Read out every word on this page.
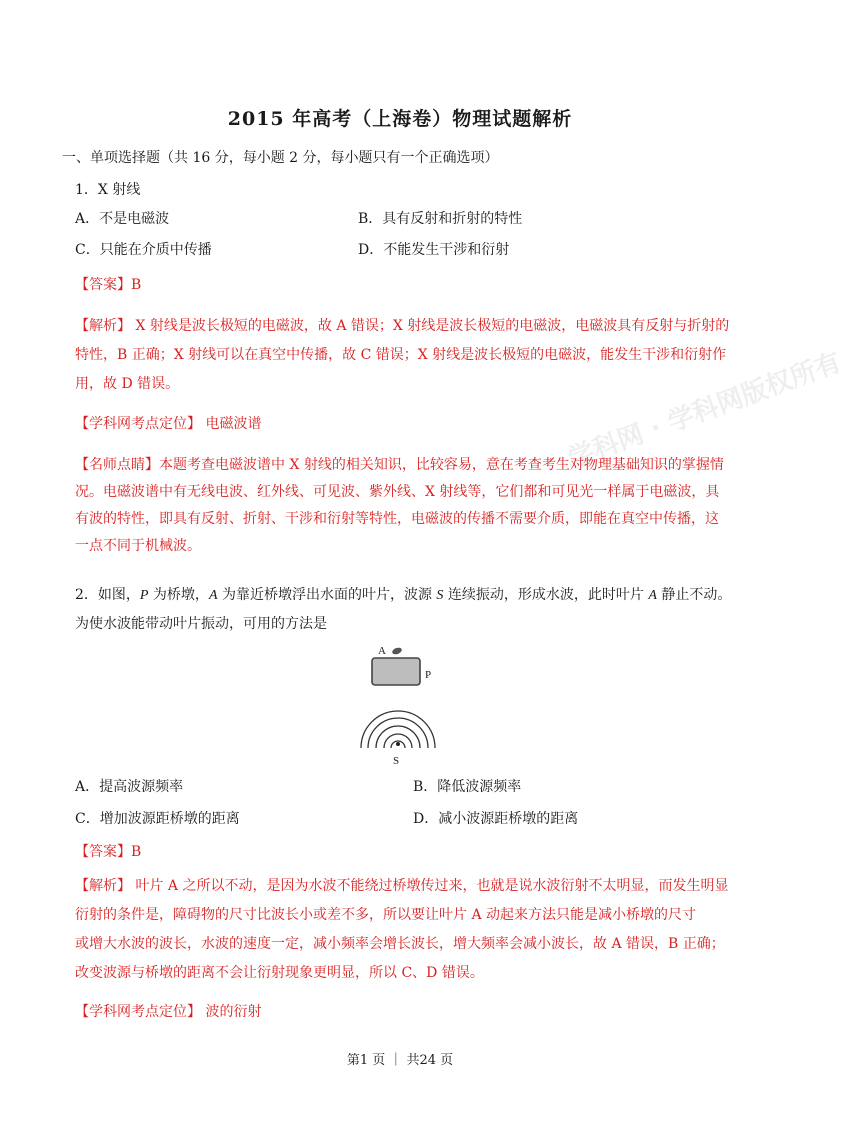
学科网 · 学科网版权所有
2015 年高考（上海卷）物理试题解析
一、单项选择题（共 16 分，每小题 2 分，每小题只有一个正确选项）
1．X 射线
A．不是电磁波	B．具有反射和折射的特性
C．只能在介质中传播	D．不能发生干涉和衍射
【答案】B
【解析】 X 射线是波长极短的电磁波，故 A 错误；X 射线是波长极短的电磁波，电磁波具有反射与折射的
特性，B 正确；X 射线可以在真空中传播，故 C 错误；X 射线是波长极短的电磁波，能发生干涉和衍射作
用，故 D 错误。
【学科网考点定位】 电磁波谱
【名师点睛】本题考查电磁波谱中 X 射线的相关知识，比较容易，意在考查考生对物理基础知识的掌握情
况。电磁波谱中有无线电波、红外线、可见波、紫外线、X 射线等，它们都和可见光一样属于电磁波，具
有波的特性，即具有反射、折射、干涉和衍射等特性，电磁波的传播不需要介质，即能在真空中传播，这
一点不同于机械波。
2．如图，P 为桥墩，A 为靠近桥墩浮出水面的叶片，波源 S 连续振动，形成水波，此时叶片 A 静止不动。
为使水波能带动叶片振动，可用的方法是
A
P
S
A．提高波源频率	B．降低波源频率
C．增加波源距桥墩的距离	D．减小波源距桥墩的距离
【答案】B
【解析】 叶片 A 之所以不动，是因为水波不能绕过桥墩传过来，也就是说水波衍射不太明显，而发生明显
衍射的条件是，障碍物的尺寸比波长小或差不多，所以要让叶片 A 动起来方法只能是减小桥墩的尺寸
或增大水波的波长，水波的速度一定，减小频率会增长波长，增大频率会减小波长，故 A 错误，B 正确；
改变波源与桥墩的距离不会让衍射现象更明显，所以 C、D 错误。
【学科网考点定位】 波的衍射
第1 页 ｜ 共24 页
